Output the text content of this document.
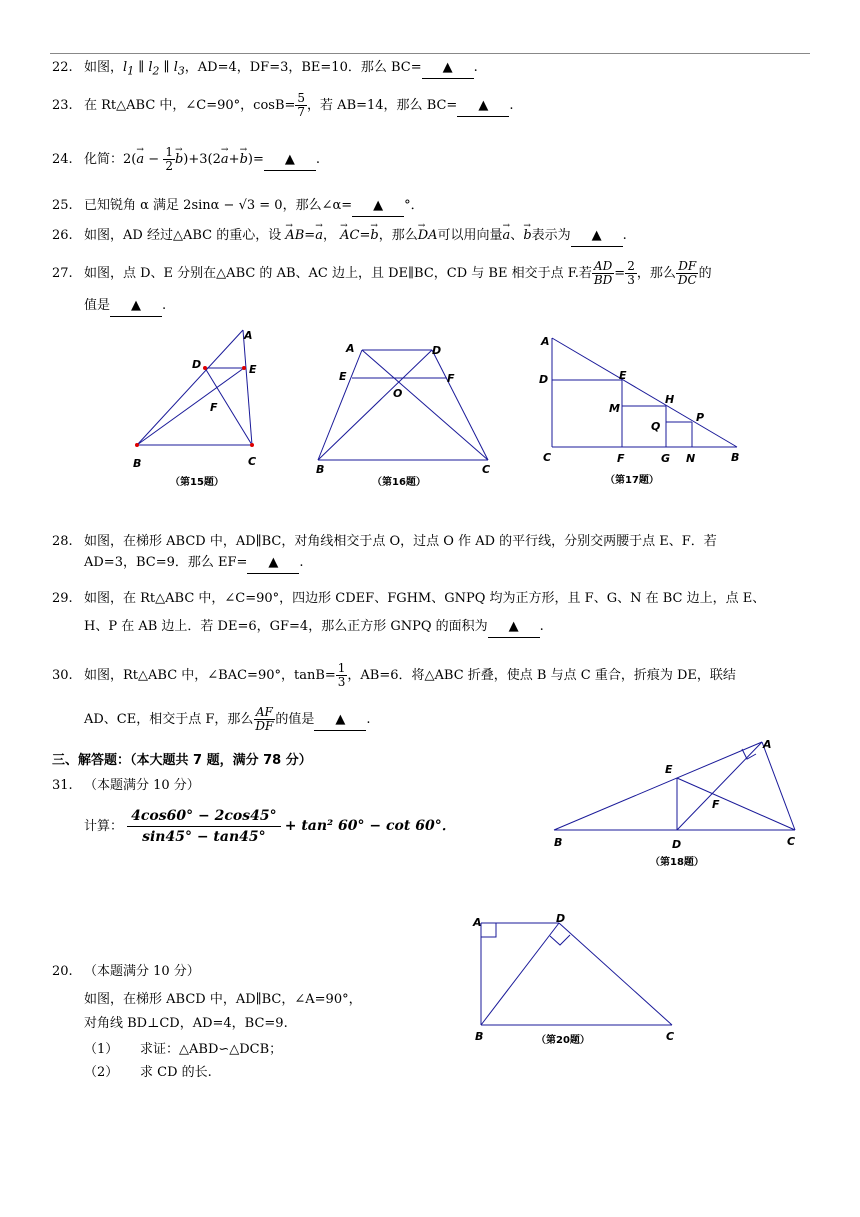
22. 如图，$l_1$ ∥ $l_2$ ∥ $l_3$，AD=4，DF=3，BE=10．那么 BC= ▲ .
23. 在 Rt△ABC 中，∠C=90°，$\cos B= \frac{5}{7}$ ，若 AB=14，那么 BC= ▲ .
24. 化简：$2(\to a - \frac{1}{2}$
→ b)+3(2→ a+→ b)= ▲ .
25. 已知锐角 α 满足 2sinα − √3 = 0，那么∠α= ▲ °．
26. 如图，AD 经过△ABC 的重心，设 → AB=→ a， → AC=→ b，那么→ DA可以用向量→ a、→ b表示为 ▲ .
27. 如图，点 D、E 分别在△ABC 的 AB、AC 边上，且 DE∥BC，CD 与 BE 相交于点 F.若 $\frac{AD}{BD} = \frac{2}{3}$ ，那么 $\frac{DF}{DC}$ 的
值是 ▲ .
A
D	E
F
B	C
（第15题）
A	D
E	F
O
B	C
（第16题）
A
D	E
M
H
Q
P
C	F	G N	B
（第17题）
28. 如图，在梯形 ABCD 中，AD∥BC，对角线相交于点 O，过点 O 作 AD 的平行线，分别交两腰于点 E、F．若
AD=3，BC=9．那么 EF= ▲ .
29. 如图，在 Rt△ABC 中，∠C=90°，四边形 CDEF、FGHM、GNPQ 均为正方形，且 F、G、N 在 BC 边上，点 E、
H、P 在 AB 边上．若 DE=6，GF=4，那么正方形 GNPQ 的面积为 ▲ .
30. 如图，Rt△ABC 中，∠BAC=90°，$\tan B= \frac{1}{3}$ ，AB=6．将△ABC 折叠，使点 B 与点 C 重合，折痕为 DE，联结
AD、CE，相交于点 F，那么 $\frac{AF}{DF}$ 的值是 ▲ .
三、解答题：（本大题共 7 题，满分 78 分）
31. （本题满分 10 分）
计算： $\frac{4\cos 60^\circ - 2\cos 45^\circ}{\sin 45^\circ - \tan 45^\circ} + \tan^2$ 60° − cot 60°．
E
A
F
B	D	C
（第18题）
A	D
B	C
（第20题）
20. （本题满分 10 分）
如图，在梯形 ABCD 中，AD∥BC，∠A=90°，
对角线 BD⊥CD，AD=4，BC=9.
（1） 求证：△ABD∽△DCB；
（2） 求 CD 的长.
